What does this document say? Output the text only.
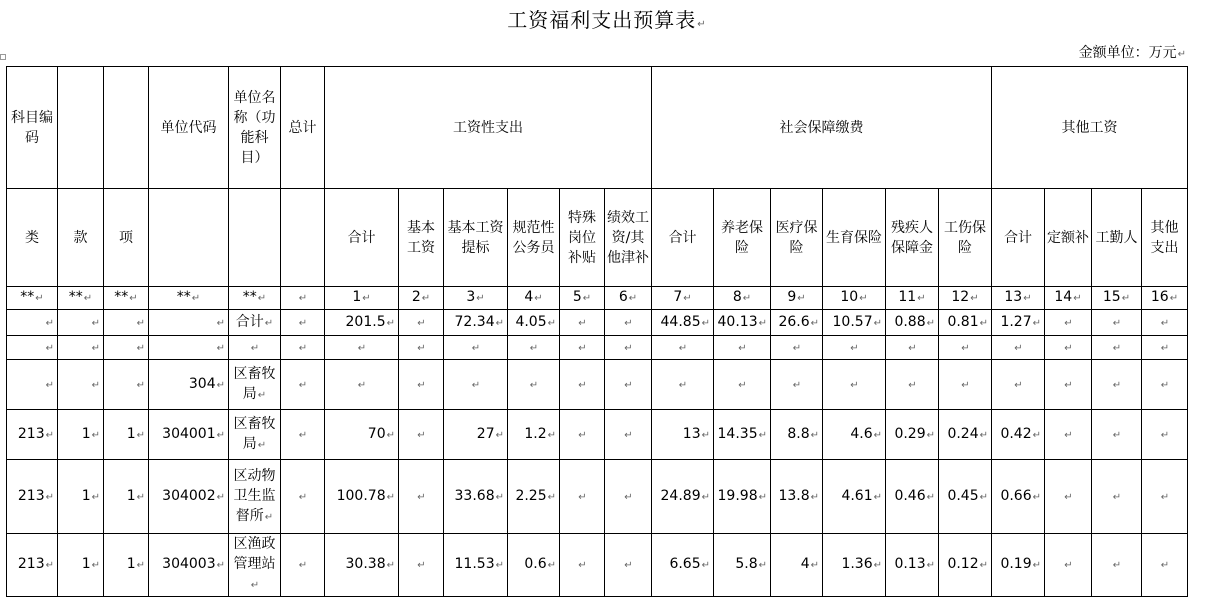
工资福利支出预算表↵
金额单位：万元↵
科目编码			单位代码	单位名称（功能科目）	总计	工资性支出						社会保障缴费						其他工资			
类	款	项				合计	基本工资	基本工资提标	规范性公务员	特殊岗位补贴	绩效工资/其他津补	合计	养老保险	医疗保险	生育保险	残疾人保障金	工伤保险	合计	定额补	工勤人	其他支出
**↵	**↵	**↵	**↵	**↵	↵	1↵	2↵	3↵	4↵	5↵	6↵	7↵	8↵	9↵	10↵	11↵	12↵	13↵	14↵	15↵	16↵
↵	↵	↵	↵	合计↵	↵	201.5↵	↵	72.34↵	4.05↵	↵	↵	44.85↵	40.13↵	26.6↵	10.57↵	0.88↵	0.81↵	1.27↵	↵	↵	↵
↵	↵	↵	↵	↵	↵	↵	↵	↵	↵	↵	↵	↵	↵	↵	↵	↵	↵	↵	↵	↵	↵
↵	↵	↵	304↵	区畜牧局↵	↵	↵	↵	↵	↵	↵	↵	↵	↵	↵	↵	↵	↵	↵	↵	↵	↵
213↵	1↵	1↵	304001↵	区畜牧局↵	↵	70↵	↵	27↵	1.2↵	↵	↵	13↵	14.35↵	8.8↵	4.6↵	0.29↵	0.24↵	0.42↵	↵	↵	↵
213↵	1↵	1↵	304002↵	区动物卫生监督所↵	↵	100.78↵	↵	33.68↵	2.25↵	↵	↵	24.89↵	19.98↵	13.8↵	4.61↵	0.46↵	0.45↵	0.66↵	↵	↵	↵
213↵	1↵	1↵	304003↵	区渔政管理站↵	↵	30.38↵	↵	11.53↵	0.6↵	↵	↵	6.65↵	5.8↵	4↵	1.36↵	0.13↵	0.12↵	0.19↵	↵	↵	↵
